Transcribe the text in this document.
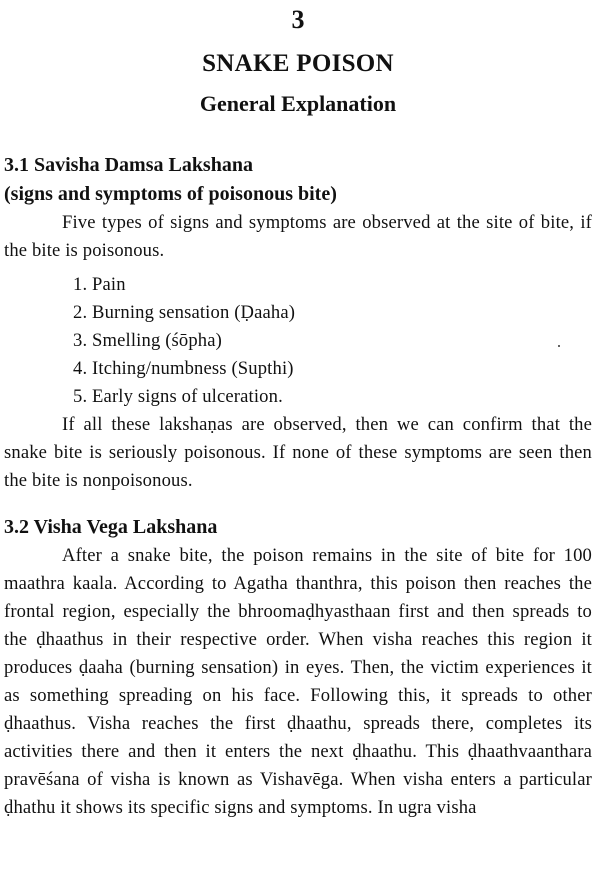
3
SNAKE POISON
General Explanation
3.1 Savisha Damsa Lakshana
(signs and symptoms of poisonous bite)

Five types of signs and symptoms are observed at the site of bite, if the bite is poisonous.

1. Pain
2. Burning sensation (Ḍaaha)
3. Smelling (śōpha)
4. Itching/numbness (Supthi)
5. Early signs of ulceration.

If all these lakshaṇas are observed, then we can confirm that the snake bite is seriously poisonous. If none of these symptoms are seen then the bite is nonpoisonous.

3.2 Visha Vega Lakshana

After a snake bite, the poison remains in the site of bite for 100 maathra kaala. According to Agatha thanthra, this poison then reaches the frontal region, especially the bhroomaḍhyasthaan first and then spreads to the ḍhaathus in their respective order. When visha reaches this region it produces ḍaaha (burning sensation) in eyes. Then, the victim experiences it as something spreading on his face. Following this, it spreads to other ḍhaathus. Visha reaches the first ḍhaathu, spreads there, completes its activities there and then it enters the next ḍhaathu. This ḍhaathvaanthara pravēśana of visha is known as Vishavēga. When visha enters a particular ḍhathu it shows its specific signs and symptoms. In ugra visha
